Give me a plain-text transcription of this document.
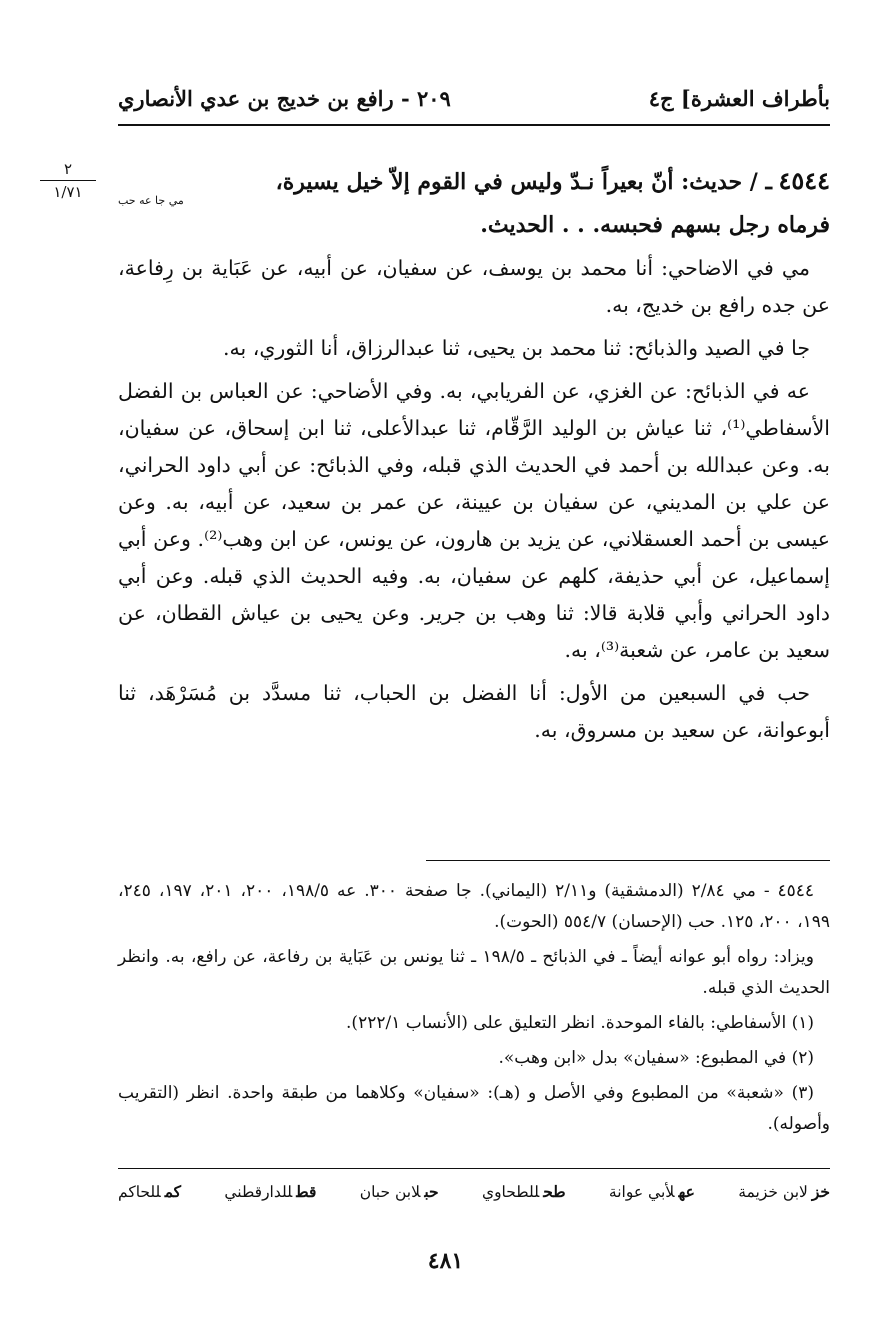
بأطراف العشرة] ج٤
٢٠٩ - رافع بن خديج بن عدي الأنصاري
٢
١/٧١	٤٥٤٤ ـ / حديث: أنّ بعيراً نـدّ وليس في القوم إلاّ خيل يسيرة،
مي جا عه حب
فرماه رجل بسهم فحبسه. . . الحديث.

مي في الاضاحي: أنا محمد بن يوسف، عن سفيان، عن أبيه، عن عَبَاية بن رِفاعة، عن جده رافع بن خديج، به.

جا في الصيد والذبائح: ثنا محمد بن يحيى، ثنا عبدالرزاق، أنا الثوري، به.

عه في الذبائح: عن الغزي، عن الفريابي، به. وفي الأضاحي: عن العباس بن الفضل الأسفاطي⁽¹⁾، ثنا عياش بن الوليد الرَّقّام، ثنا عبدالأعلى، ثنا ابن إسحاق، عن سفيان، به. وعن عبدالله بن أحمد في الحديث الذي قبله، وفي الذبائح: عن أبي داود الحراني، عن علي بن المديني، عن سفيان بن عيينة، عن عمر بن سعيد، عن أبيه، به. وعن عيسى بن أحمد العسقلاني، عن يزيد بن هارون، عن يونس، عن ابن وهب⁽²⁾. وعن أبي إسماعيل، عن أبي حذيفة، كلهم عن سفيان، به. وفيه الحديث الذي قبله. وعن أبي داود الحراني وأبي قلابة قالا: ثنا وهب بن جرير. وعن يحيى بن عياش القطان، عن سعيد بن عامر، عن شعبة⁽³⁾، به.

حب في السبعين من الأول: أنا الفضل بن الحباب، ثنا مسدَّد بن مُسَرْهَد، ثنا أبوعوانة، عن سعيد بن مسروق، به.

٤٥٤٤ - مي ٢/٨٤ (الدمشقية) و٢/١١ (اليماني). جا صفحة ٣٠٠. عه ١٩٨/٥، ٢٠٠، ٢٠١، ١٩٧، ٢٤٥، ١٩٩، ٢٠٠، ١٢٥. حب (الإحسان) ٥٥٤/٧ (الحوت).

ويزاد: رواه أبو عوانه أيضاً ـ في الذبائح ـ ١٩٨/٥ ـ ثنا يونس بن عَبَاية بن رفاعة، عن رافع، به. وانظر الحديث الذي قبله.

(١) الأسفاطي: بالفاء الموحدة. انظر التعليق على (الأنساب ٢٢٢/١).

(٢) في المطبوع: «سفيان» بدل «ابن وهب».

(٣) «شعبة» من المطبوع وفي الأصل و (هـ): «سفيان» وكلاهما من طبقة واحدة. انظر (التقريب وأصوله).

خزلابن خزيمة
عهلأبي عوانة
طحللطحاوي
حبلابن حبان
قطللدارقطني
كمللحاكم
٤٨١
